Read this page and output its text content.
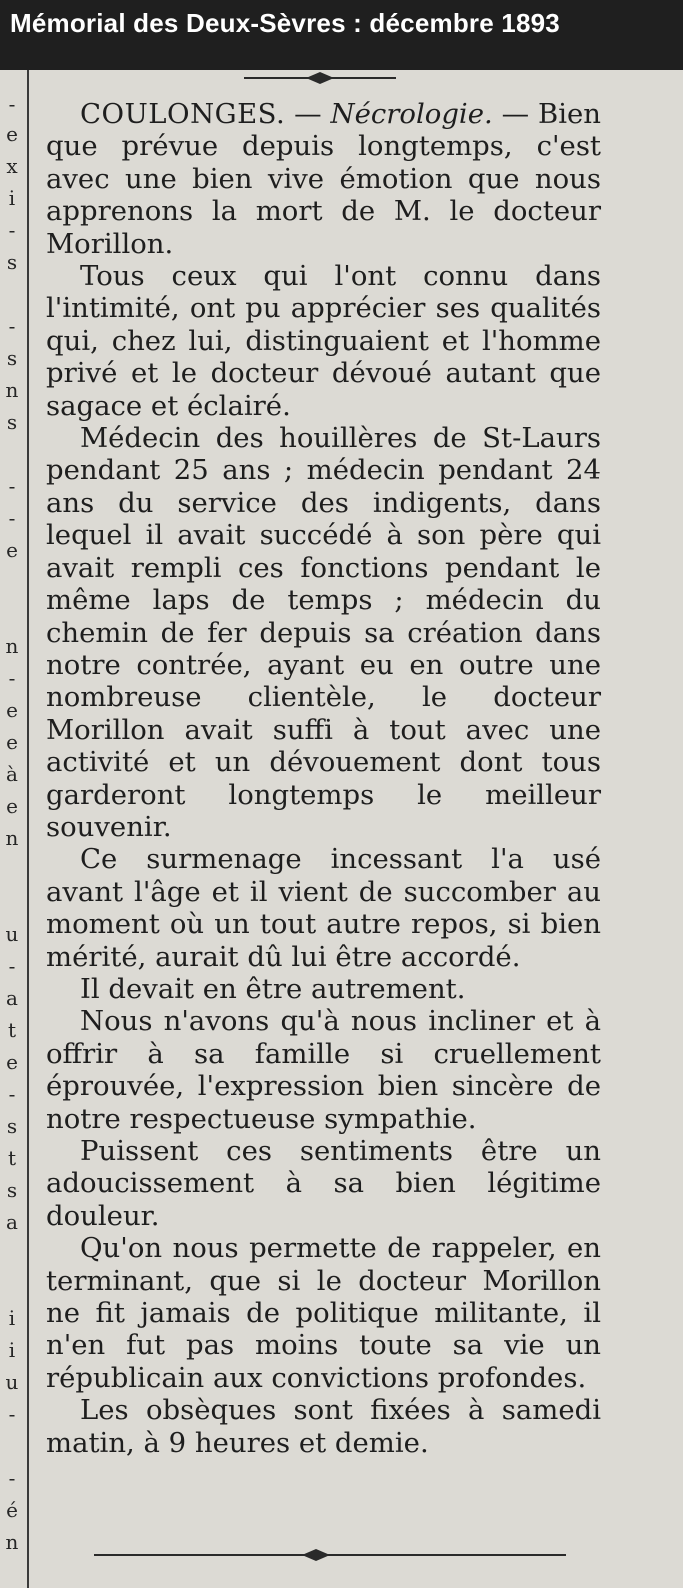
Mémorial des Deux-Sèvres : décembre 1893
-
e
x
i
-
s
-
s
n
s
-
-
e
n
-
e
e
à
e
n
u
-
a
t
e
-
s
t
s
a
i
i
u
-
-
é
n

COULONGES. — Nécrologie. — Bien que prévue depuis longtemps, c'est avec une bien vive émotion que nous apprenons la mort de M. le docteur Morillon.

Tous ceux qui l'ont connu dans l'intimité, ont pu apprécier ses qualités qui, chez lui, distinguaient et l'homme privé et le docteur dévoué autant que sagace et éclairé.

Médecin des houillères de St-Laurs pendant 25 ans ; médecin pendant 24 ans du service des indigents, dans lequel il avait succédé à son père qui avait rempli ces fonctions pendant le même laps de temps ; médecin du chemin de fer depuis sa création dans notre contrée, ayant eu en outre une nombreuse clientèle, le docteur Morillon avait suffi à tout avec une activité et un dévouement dont tous garderont longtemps le meilleur souvenir.

Ce surmenage incessant l'a usé avant l'âge et il vient de succomber au moment où un tout autre repos, si bien mérité, aurait dû lui être accordé.

Il devait en être autrement.

Nous n'avons qu'à nous incliner et à offrir à sa famille si cruellement éprouvée, l'expression bien sincère de notre respectueuse sympathie.

Puissent ces sentiments être un adoucissement à sa bien légitime douleur.

Qu'on nous permette de rappeler, en terminant, que si le docteur Morillon ne fit jamais de politique militante, il n'en fut pas moins toute sa vie un républicain aux convictions profondes.

Les obsèques sont fixées à samedi matin, à 9 heures et demie.
